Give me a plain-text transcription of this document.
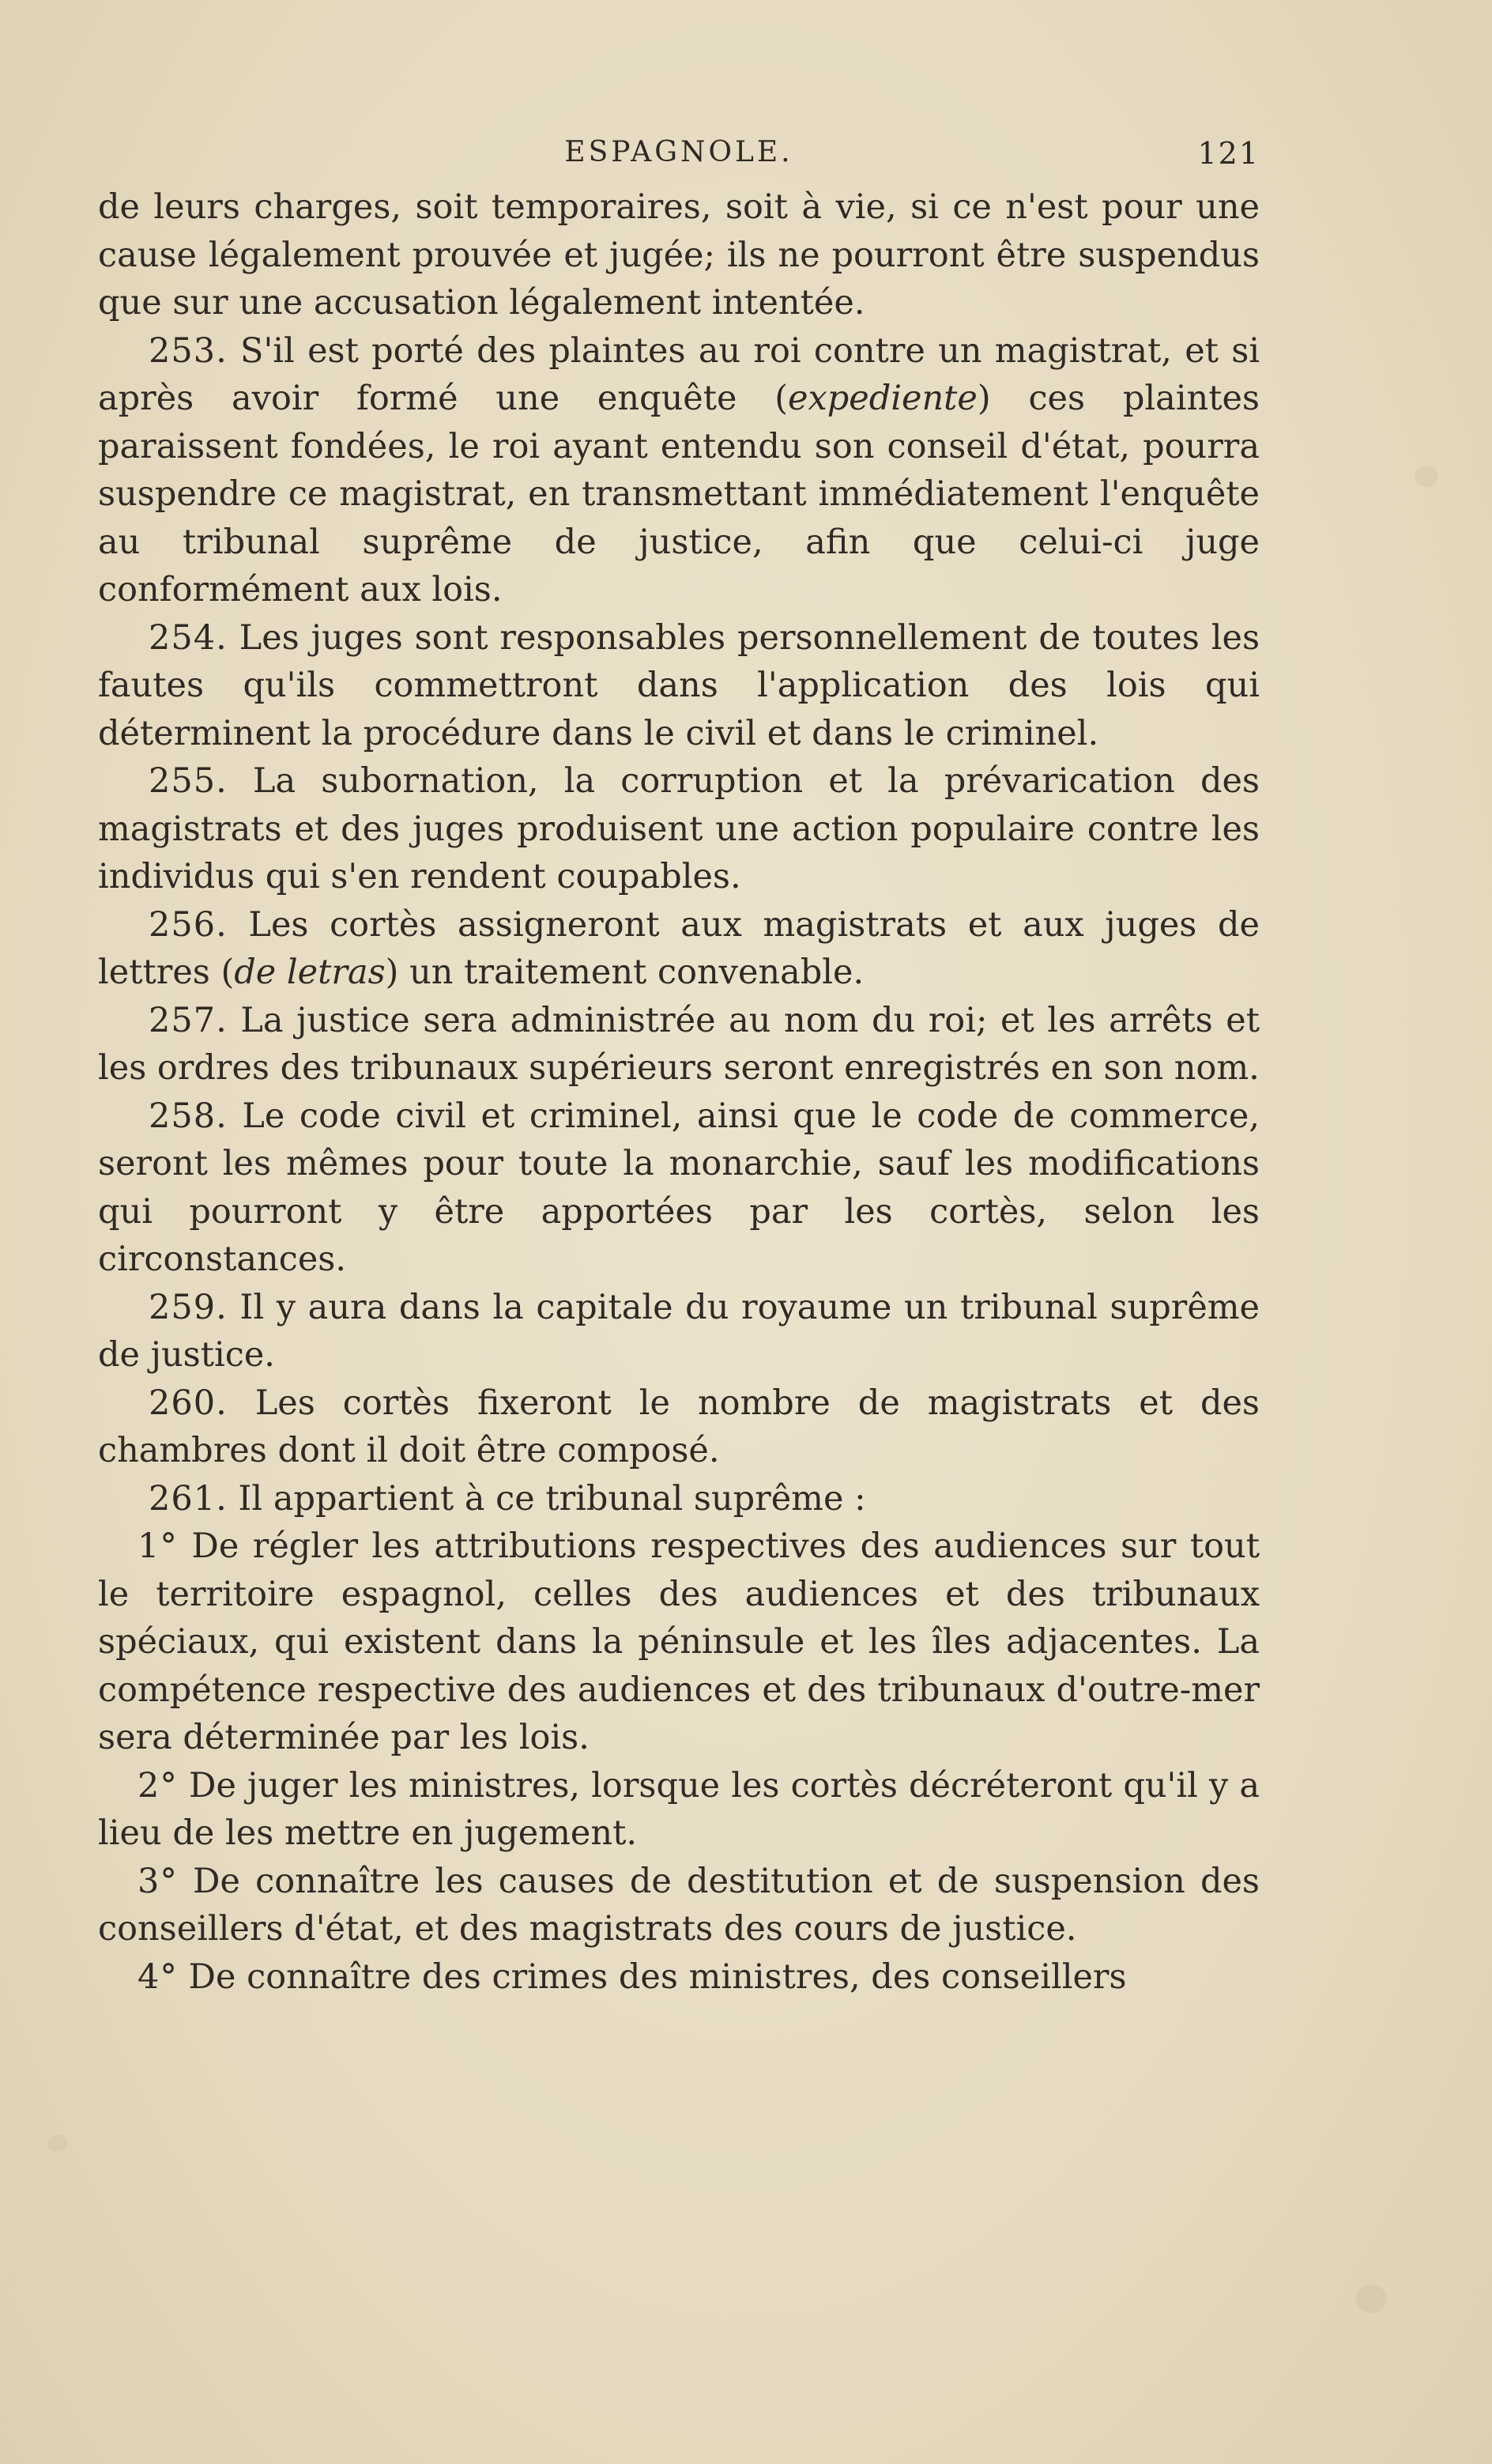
ESPAGNOLE.	121

de leurs charges, soit temporaires, soit à vie, si ce n'est pour une cause légalement prouvée et jugée; ils ne pourront être suspendus que sur une accusation légalement intentée.

253. S'il est porté des plaintes au roi contre un magistrat, et si après avoir formé une enquête (expediente) ces plaintes paraissent fondées, le roi ayant entendu son conseil d'état, pourra suspendre ce magistrat, en transmettant immédiatement l'enquête au tribunal suprême de justice, afin que celui-ci juge conformément aux lois.

254. Les juges sont responsables personnellement de toutes les fautes qu'ils commettront dans l'application des lois qui déterminent la procédure dans le civil et dans le criminel.

255. La subornation, la corruption et la prévarication des magistrats et des juges produisent une action populaire contre les individus qui s'en rendent coupables.

256. Les cortès assigneront aux magistrats et aux juges de lettres (de letras) un traitement convenable.

257. La justice sera administrée au nom du roi; et les arrêts et les ordres des tribunaux supérieurs seront enregistrés en son nom.

258. Le code civil et criminel, ainsi que le code de commerce, seront les mêmes pour toute la monarchie, sauf les modifications qui pourront y être apportées par les cortès, selon les circonstances.

259. Il y aura dans la capitale du royaume un tribunal suprême de justice.

260. Les cortès fixeront le nombre de magistrats et des chambres dont il doit être composé.

261. Il appartient à ce tribunal suprême :

1° De régler les attributions respectives des audiences sur tout le territoire espagnol, celles des audiences et des tribunaux spéciaux, qui existent dans la péninsule et les îles adjacentes. La compétence respective des audiences et des tribunaux d'outre-mer sera déterminée par les lois.

2° De juger les ministres, lorsque les cortès décréteront qu'il y a lieu de les mettre en jugement.

3° De connaître les causes de destitution et de suspension des conseillers d'état, et des magistrats des cours de justice.

4° De connaître des crimes des ministres, des conseillers
